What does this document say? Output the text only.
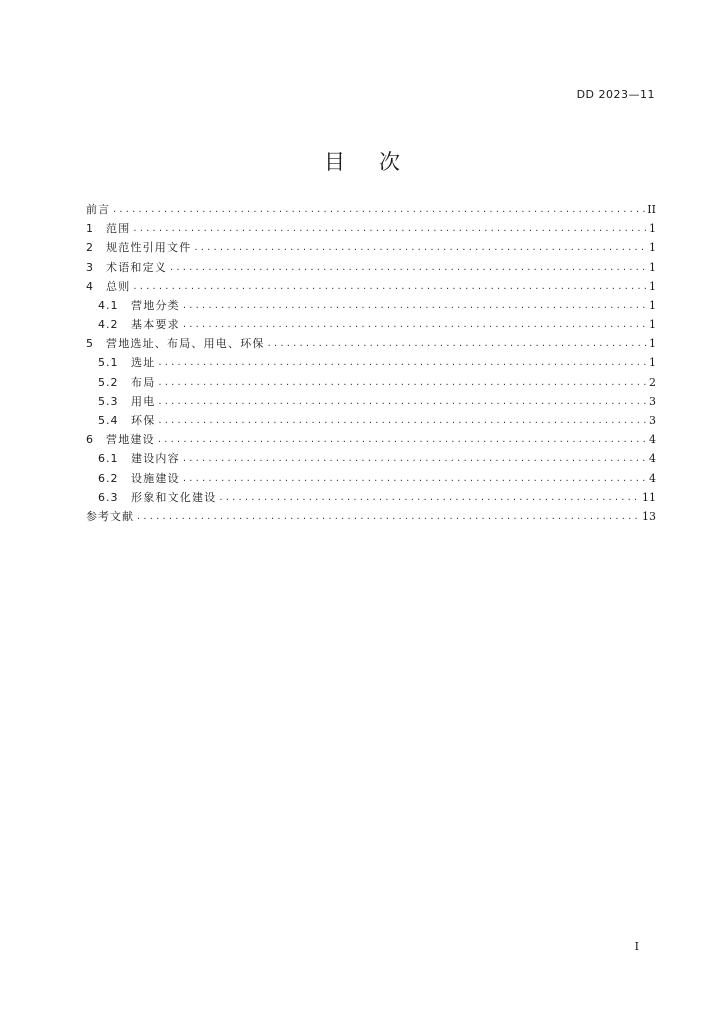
DD 2023—11
目次
前言 .....	II
1	范围 .....	1
2	规范性引用文件 .....	1
3	术语和定义 .....	1
4	总则 .....	1
4.1	营地分类 .....	1
4.2	基本要求 .....	1
5	营地选址、布局、用电、环保 .....	1
5.1	选址 .....	1
5.2	布局 .....	2
5.3	用电 .....	3
5.4	环保 .....	3
6	营地建设 .....	4
6.1	建设内容 .....	4
6.2	设施建设 .....	4
6.3	形象和文化建设 .....	11
参考文献 .....	13
I
